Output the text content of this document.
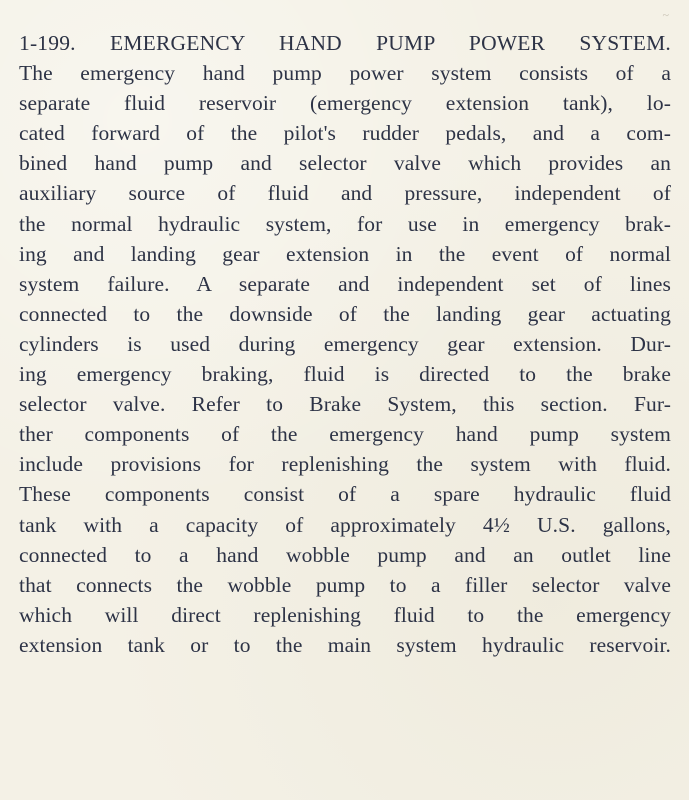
~
1-199. EMERGENCY HAND PUMP POWER SYSTEM.
The emergency hand pump power system consists of a
separate fluid reservoir (emergency extension tank), lo-
cated forward of the pilot's rudder pedals, and a com-
bined hand pump and selector valve which provides an
auxiliary source of fluid and pressure, independent of
the normal hydraulic system, for use in emergency brak-
ing and landing gear extension in the event of normal
system failure. A separate and independent set of lines
connected to the downside of the landing gear actuating
cylinders is used during emergency gear extension. Dur-
ing emergency braking, fluid is directed to the brake
selector valve. Refer to Brake System, this section. Fur-
ther components of the emergency hand pump system
include provisions for replenishing the system with fluid.
These components consist of a spare hydraulic fluid
tank with a capacity of approximately 4½ U.S. gallons,
connected to a hand wobble pump and an outlet line
that connects the wobble pump to a filler selector valve
which will direct replenishing fluid to the emergency
extension tank or to the main system hydraulic reservoir.
